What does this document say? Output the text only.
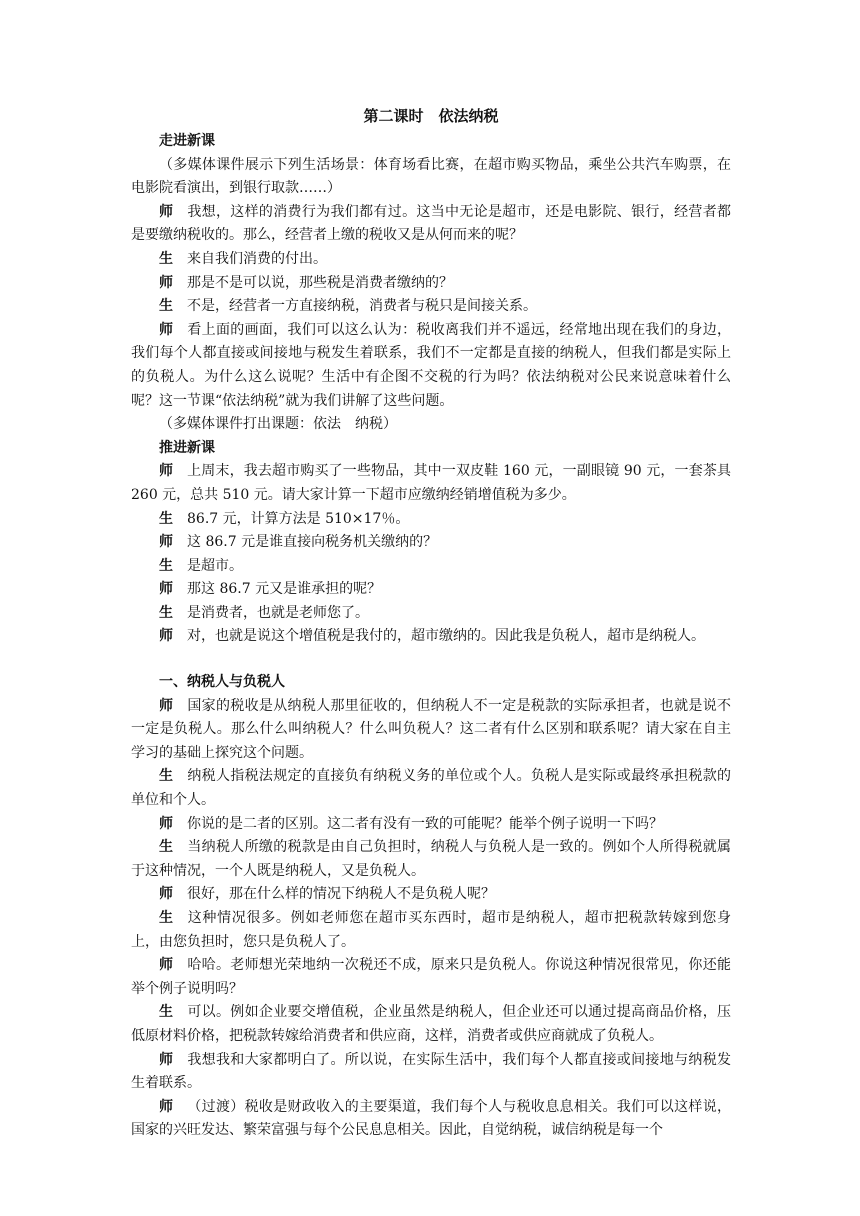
第二课时　依法纳税

走进新课

（多媒体课件展示下列生活场景：体育场看比赛，在超市购买物品，乘坐公共汽车购票，在电影院看演出，到银行取款……）

师 我想，这样的消费行为我们都有过。这当中无论是超市，还是电影院、银行，经营者都是要缴纳税收的。那么，经营者上缴的税收又是从何而来的呢？

生 来自我们消费的付出。

师 那是不是可以说，那些税是消费者缴纳的？

生 不是，经营者一方直接纳税，消费者与税只是间接关系。

师 看上面的画面，我们可以这么认为：税收离我们并不遥远，经常地出现在我们的身边，我们每个人都直接或间接地与税发生着联系，我们不一定都是直接的纳税人，但我们都是实际上的负税人。为什么这么说呢？生活中有企图不交税的行为吗？依法纳税对公民来说意味着什么呢？这一节课“依法纳税”就为我们讲解了这些问题。

（多媒体课件打出课题：依法　纳税）

推进新课

师 上周末，我去超市购买了一些物品，其中一双皮鞋 160 元，一副眼镜 90 元，一套茶具 260 元，总共 510 元。请大家计算一下超市应缴纳经销增值税为多少。

生 86.7 元，计算方法是 510×17％。

师 这 86.7 元是谁直接向税务机关缴纳的？

生 是超市。

师 那这 86.7 元又是谁承担的呢？

生 是消费者，也就是老师您了。

师 对，也就是说这个增值税是我付的，超市缴纳的。因此我是负税人，超市是纳税人。

一、纳税人与负税人

师 国家的税收是从纳税人那里征收的，但纳税人不一定是税款的实际承担者，也就是说不一定是负税人。那么什么叫纳税人？什么叫负税人？这二者有什么区别和联系呢？请大家在自主学习的基础上探究这个问题。

生 纳税人指税法规定的直接负有纳税义务的单位或个人。负税人是实际或最终承担税款的单位和个人。

师 你说的是二者的区别。这二者有没有一致的可能呢？能举个例子说明一下吗？

生 当纳税人所缴的税款是由自己负担时，纳税人与负税人是一致的。例如个人所得税就属于这种情况，一个人既是纳税人，又是负税人。

师 很好，那在什么样的情况下纳税人不是负税人呢？

生 这种情况很多。例如老师您在超市买东西时，超市是纳税人，超市把税款转嫁到您身上，由您负担时，您只是负税人了。

师 哈哈。老师想光荣地纳一次税还不成，原来只是负税人。你说这种情况很常见，你还能举个例子说明吗？

生 可以。例如企业要交增值税，企业虽然是纳税人，但企业还可以通过提高商品价格，压低原材料价格，把税款转嫁给消费者和供应商，这样，消费者或供应商就成了负税人。

师 我想我和大家都明白了。所以说，在实际生活中，我们每个人都直接或间接地与纳税发生着联系。

师 （过渡）税收是财政收入的主要渠道，我们每个人与税收息息相关。我们可以这样说，国家的兴旺发达、繁荣富强与每个公民息息相关。因此，自觉纳税，诚信纳税是每一个
